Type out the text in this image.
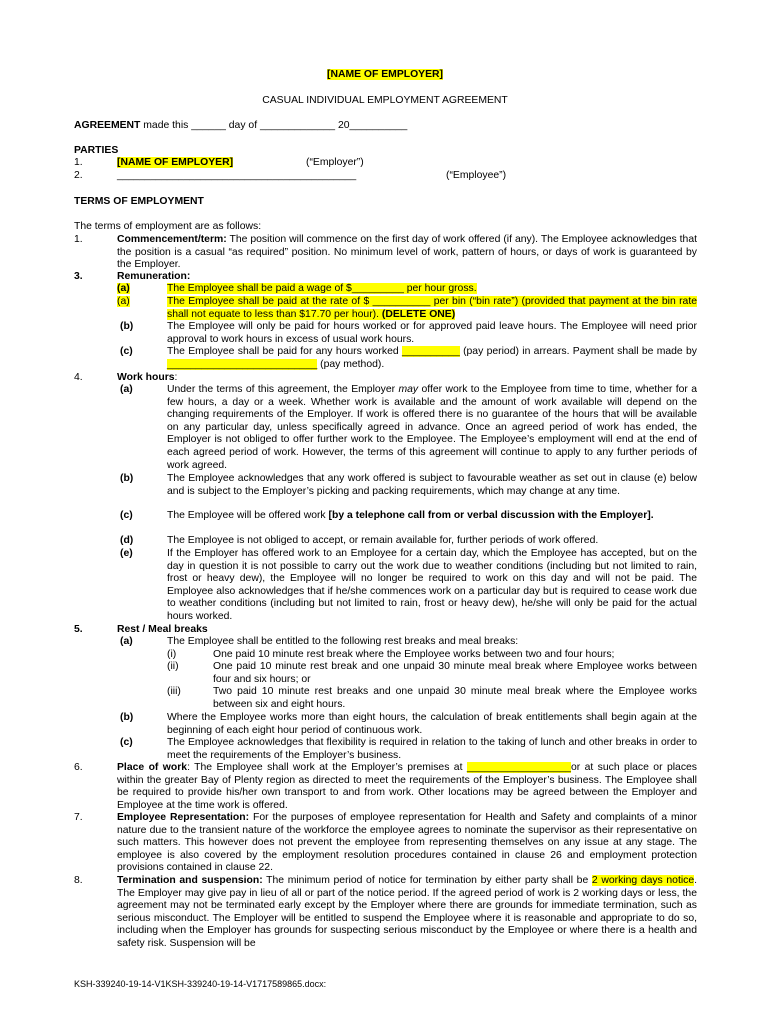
[NAME OF EMPLOYER]
CASUAL INDIVIDUAL EMPLOYMENT AGREEMENT
AGREEMENT made this ______ day of _____________ 20__________
PARTIES
1.	[NAME OF EMPLOYER]	(“Employer”)
2.	___________________________________________	(“Employee”)
TERMS OF EMPLOYMENT
The terms of employment are as follows:
1.	Commencement/term: The position will commence on the first day of work offered (if any). The Employee acknowledges that the position is a casual “as required” position. No minimum level of work, pattern of hours, or days of work is guaranteed by the Employer.
3.	Remuneration:
(a)	The Employee shall be paid a wage of $_________ per hour gross.
(a)	The Employee shall be paid at the rate of $ __________ per bin (“bin rate”) (provided that payment at the bin rate shall not equate to less than $17.70 per hour). (DELETE ONE)
(b)	The Employee will only be paid for hours worked or for approved paid leave hours. The Employee will need prior approval to work hours in excess of usual work hours.
(c)	The Employee shall be paid for any hours worked __________ (pay period) in arrears. Payment shall be made by __________________________ (pay method).
4.	Work hours:
(a)	Under the terms of this agreement, the Employer may offer work to the Employee from time to time, whether for a few hours, a day or a week. Whether work is available and the amount of work available will depend on the changing requirements of the Employer. If work is offered there is no guarantee of the hours that will be available on any particular day, unless specifically agreed in advance. Once an agreed period of work has ended, the Employer is not obliged to offer further work to the Employee. The Employee’s employment will end at the end of each agreed period of work. However, the terms of this agreement will continue to apply to any further periods of work agreed.
(b)	The Employee acknowledges that any work offered is subject to favourable weather as set out in clause (e) below and is subject to the Employer’s picking and packing requirements, which may change at any time.
(c)	The Employee will be offered work [by a telephone call from or verbal discussion with the Employer].
(d)	The Employee is not obliged to accept, or remain available for, further periods of work offered.
(e)	If the Employer has offered work to an Employee for a certain day, which the Employee has accepted, but on the day in question it is not possible to carry out the work due to weather conditions (including but not limited to rain, frost or heavy dew), the Employee will no longer be required to work on this day and will not be paid. The Employee also acknowledges that if he/she commences work on a particular day but is required to cease work due to weather conditions (including but not limited to rain, frost or heavy dew), he/she will only be paid for the actual hours worked.
5.	Rest / Meal breaks
(a)	The Employee shall be entitled to the following rest breaks and meal breaks:
(i)	One paid 10 minute rest break where the Employee works between two and four hours;
(ii)	One paid 10 minute rest break and one unpaid 30 minute meal break where Employee works between four and six hours; or
(iii)	Two paid 10 minute rest breaks and one unpaid 30 minute meal break where the Employee works between six and eight hours.
(b)	Where the Employee works more than eight hours, the calculation of break entitlements shall begin again at the beginning of each eight hour period of continuous work.
(c)	The Employee acknowledges that flexibility is required in relation to the taking of lunch and other breaks in order to meet the requirements of the Employer’s business.
6.	Place of work: The Employee shall work at the Employer’s premises at __________________or at such place or places within the greater Bay of Plenty region as directed to meet the requirements of the Employer’s business. The Employee shall be required to provide his/her own transport to and from work. Other locations may be agreed between the Employer and Employee at the time work is offered.
7.	Employee Representation: For the purposes of employee representation for Health and Safety and complaints of a minor nature due to the transient nature of the workforce the employee agrees to nominate the supervisor as their representative on such matters. This however does not prevent the employee from representing themselves on any issue at any stage. The employee is also covered by the employment resolution procedures contained in clause 26 and employment protection provisions contained in clause 22.
8.	Termination and suspension: The minimum period of notice for termination by either party shall be 2 working days notice. The Employer may give pay in lieu of all or part of the notice period. If the agreed period of work is 2 working days or less, the agreement may not be terminated early except by the Employer where there are grounds for immediate termination, such as serious misconduct. The Employer will be entitled to suspend the Employee where it is reasonable and appropriate to do so, including when the Employer has grounds for suspecting serious misconduct by the Employee or where there is a health and safety risk. Suspension will be
KSH-339240-19-14-V1KSH-339240-19-14-V1717589865.docx:
